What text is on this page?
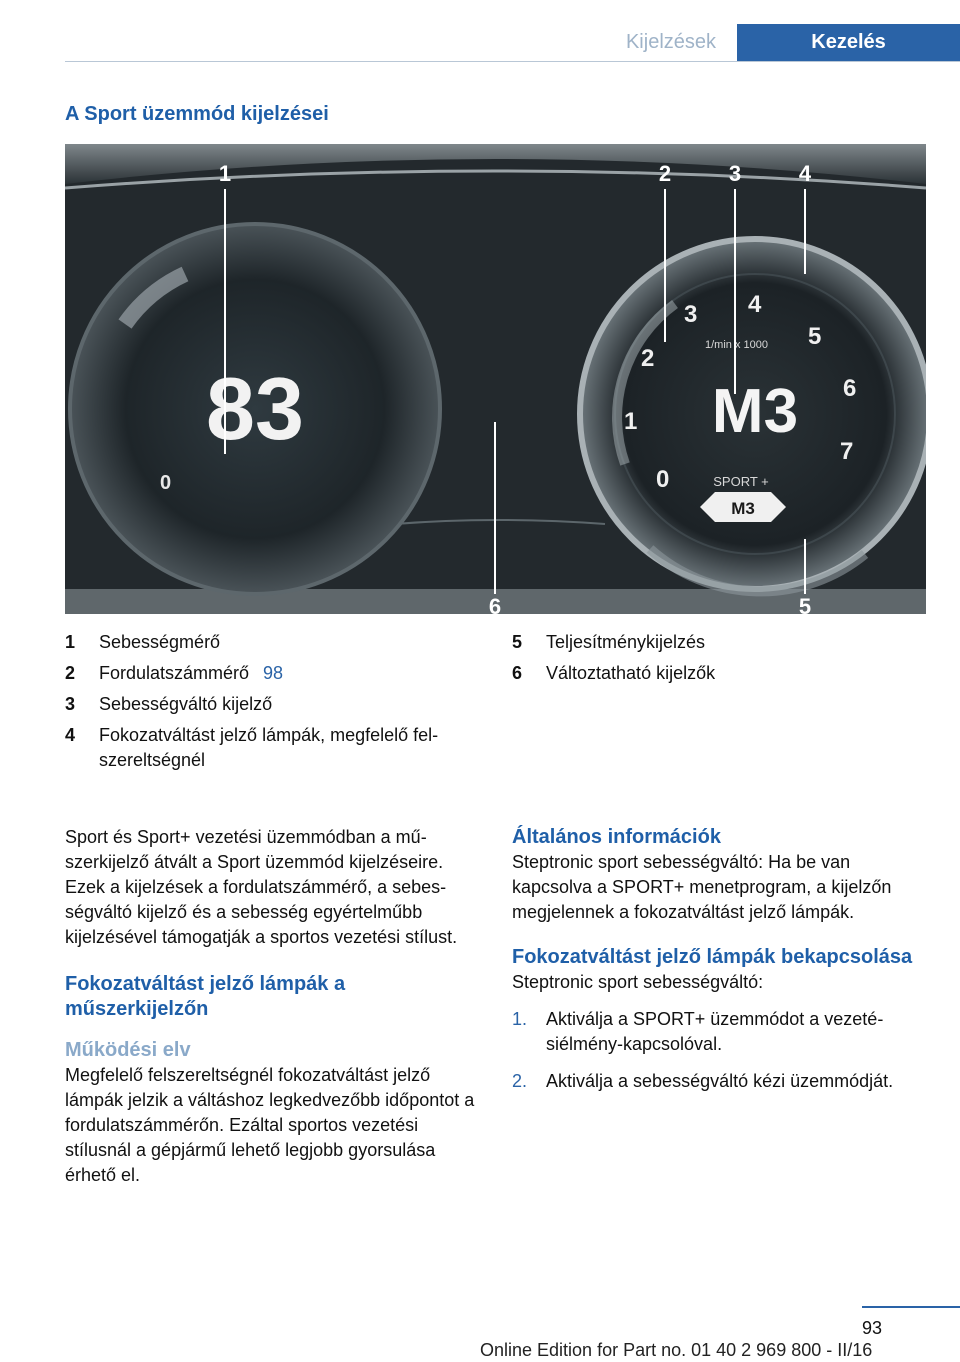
Kijelzések	Kezelés
A Sport üzemmód kijelzései
83
0	0
1
2
3 4
5
6
7
1/min x 1000
M3
SPORT +
M3
1	2	3	4
6	5
1	Sebességmérő
2	Fordulatszámmérő 98
3	Sebességváltó kijelző
4	Fokozatváltást jelző lámpák, megfelelő felszereltségnél
5	Teljesítménykijelzés
6	Változtatható kijelzők

Sport és Sport+ vezetési üzemmódban a műszerkijelző átvált a Sport üzemmód kijelzéseire. Ezek a kijelzések a fordulatszámmérő, a sebességváltó kijelző és a sebesség egyértelműbb kijelzésével támogatják a sportos vezetési stílust.

Fokozatváltást jelző lámpák a műszerkijelzőn
Működési elv

Megfelelő felszereltségnél fokozatváltást jelző lámpák jelzik a váltáshoz legkedvezőbb időpontot a fordulatszámmérőn. Ezáltal sportos vezetési stílusnál a gépjármű lehető legjobb gyorsulása érhető el.

Általános információk

Steptronic sport sebességváltó: Ha be van kapcsolva a SPORT+ menetprogram, a kijelzőn megjelennek a fokozatváltást jelző lámpák.

Fokozatváltást jelző lámpák bekapcsolása

Steptronic sport sebességváltó:

1.	Aktiválja a SPORT+ üzemmódot a vezetésiélmény-kapcsolóval.
2.	Aktiválja a sebességváltó kézi üzemmódját.
93
Online Edition for Part no. 01 40 2 969 800 - II/16
